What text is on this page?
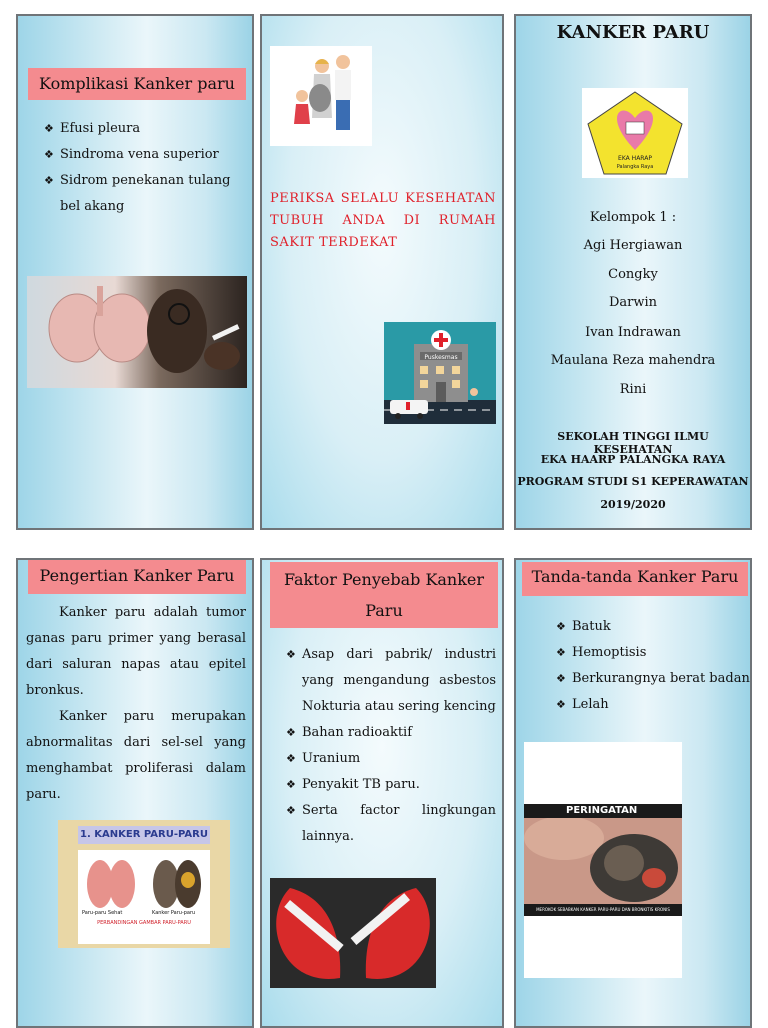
Komplikasi Kanker paru
❖ Efusi pleura
❖ Sindroma vena superior
❖ Sidrom penekanan tulang bel akang
PERIKSA SELALU KESEHATAN TUBUH ANDA DI RUMAH SAKIT TERDEKAT
Puskesmas
KANKER PARU
EKA HARAP
Palangka Raya
Kelompok 1 :
Agi Hergiawan
Congky
Darwin
Ivan Indrawan
Maulana Reza mahendra
Rini
SEKOLAH TINGGI ILMU KESEHATAN
EKA HAARP PALANGKA RAYA
PROGRAM STUDI S1 KEPERAWATAN
2019/2020
Pengertian Kanker Paru
Kanker paru adalah tumor ganas paru primer yang berasal dari saluran napas atau epitel bronkus.
Kanker paru merupakan abnormalitas dari sel-sel yang menghambat proliferasi dalam paru.
1. KANKER PARU-PARU
Paru-paru Sehat	Kanker Paru-paru
PERBANDINGAN GAMBAR PARU-PARU
Faktor Penyebab Kanker Paru
❖ Asap dari pabrik/ industri yang mengandung asbestos Nokturia atau sering kencing
❖ Bahan radioaktif
❖ Uranium
❖ Penyakit TB paru.
❖ Serta factor lingkungan lainnya.
Tanda-tanda Kanker Paru
❖ Batuk
❖ Hemoptisis
❖ Berkurangnya berat badan
❖ Lelah
PERINGATAN
MEROKOK SEBABKAN KANKER PARU-PARU DAN BRONKITIS KRONIS
